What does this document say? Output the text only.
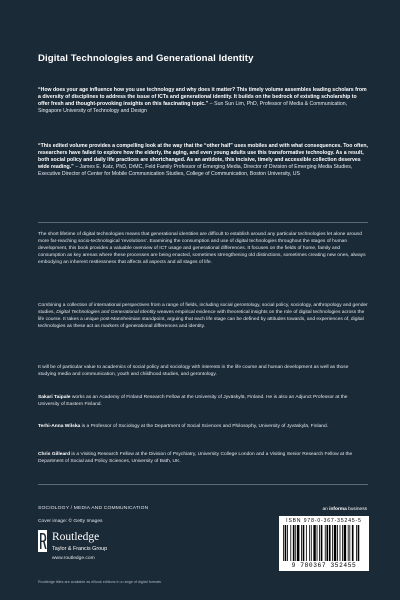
Digital Technologies and Generational Identity
“How does your age influence how you use technology and why does it matter? This timely volume assembles leading scholars from a diversity of disciplines to address the issue of ICTs and generational identity. It builds on the bedrock of existing scholarship to offer fresh and thought-provoking insights on this fascinating topic.” – Sun Sun Lim, PhD, Professor of Media & Communication, Singapore University of Technology and Design
“This edited volume provides a compelling look at the way that the “other half” uses mobiles and with what consequences. Too often, researchers have failed to explore how the elderly, the aging, and even young adults use this transformative technology. As a result, both social policy and daily life practices are shortchanged. As an antidote, this incisive, timely and accessible collection deserves wide reading.” – James E. Katz, PhD, DrMC, Feld Family Professor of Emerging Media, Director of Division of Emerging Media Studies, Executive Director of Center for Mobile Communication Studies, College of Communication, Boston University, US
The short lifetime of digital technologies means that generational identities are difficult to establish around any particular technologies let alone around more far-reaching socio-technological ‘revolutions’. Examining the consumption and use of digital technologies throughout the stages of human development, this book provides a valuable overview of ICT usage and generational differences. It focuses on the fields of home, family and consumption as key arenas where these processes are being enacted, sometimes strengthening old distinctions, sometimes creating new ones, always embodying an inherent restlessness that affects all aspects and all stages of life.
Combining a collection of international perspectives from a range of fields, including social gerontology, social policy, sociology, anthropology and gender studies, Digital Technologies and Generational Identity weaves empirical evidence with theoretical insights on the role of digital technologies across the life course. It takes a unique post-Mannheimian standpoint, arguing that each life stage can be defined by attitudes towards, and experiences of, digital technologies as these act as markers of generational differences and identity.
It will be of particular value to academics of social policy and sociology with interests in the life course and human development as well as those studying media and communication, youth and childhood studies, and gerontology.
Sakari Taipale works as an Academy of Finland Research Fellow at the University of Jyväskylä, Finland. He is also an Adjunct Professor at the University of Eastern Finland.
Terhi-Anna Wilska is a Professor of Sociology at the Department of Social Sciences and Philosophy, University of Jyväskylä, Finland.
Chris Gilleard is a Visiting Research Fellow at the Division of Psychiatry, University College London and a Visiting Senior Research Fellow at the Department of Social and Policy Sciences, University of Bath, UK.
SOCIOLOGY / MEDIA AND COMMUNICATION
Cover image: © Getty Images
an informa business
Routledge
Taylor & Francis Group
www.routledge.com
ISBN 978-0-367-35245-5
9 780367 352455
Routledge titles are available as eBook editions in a range of digital formats
